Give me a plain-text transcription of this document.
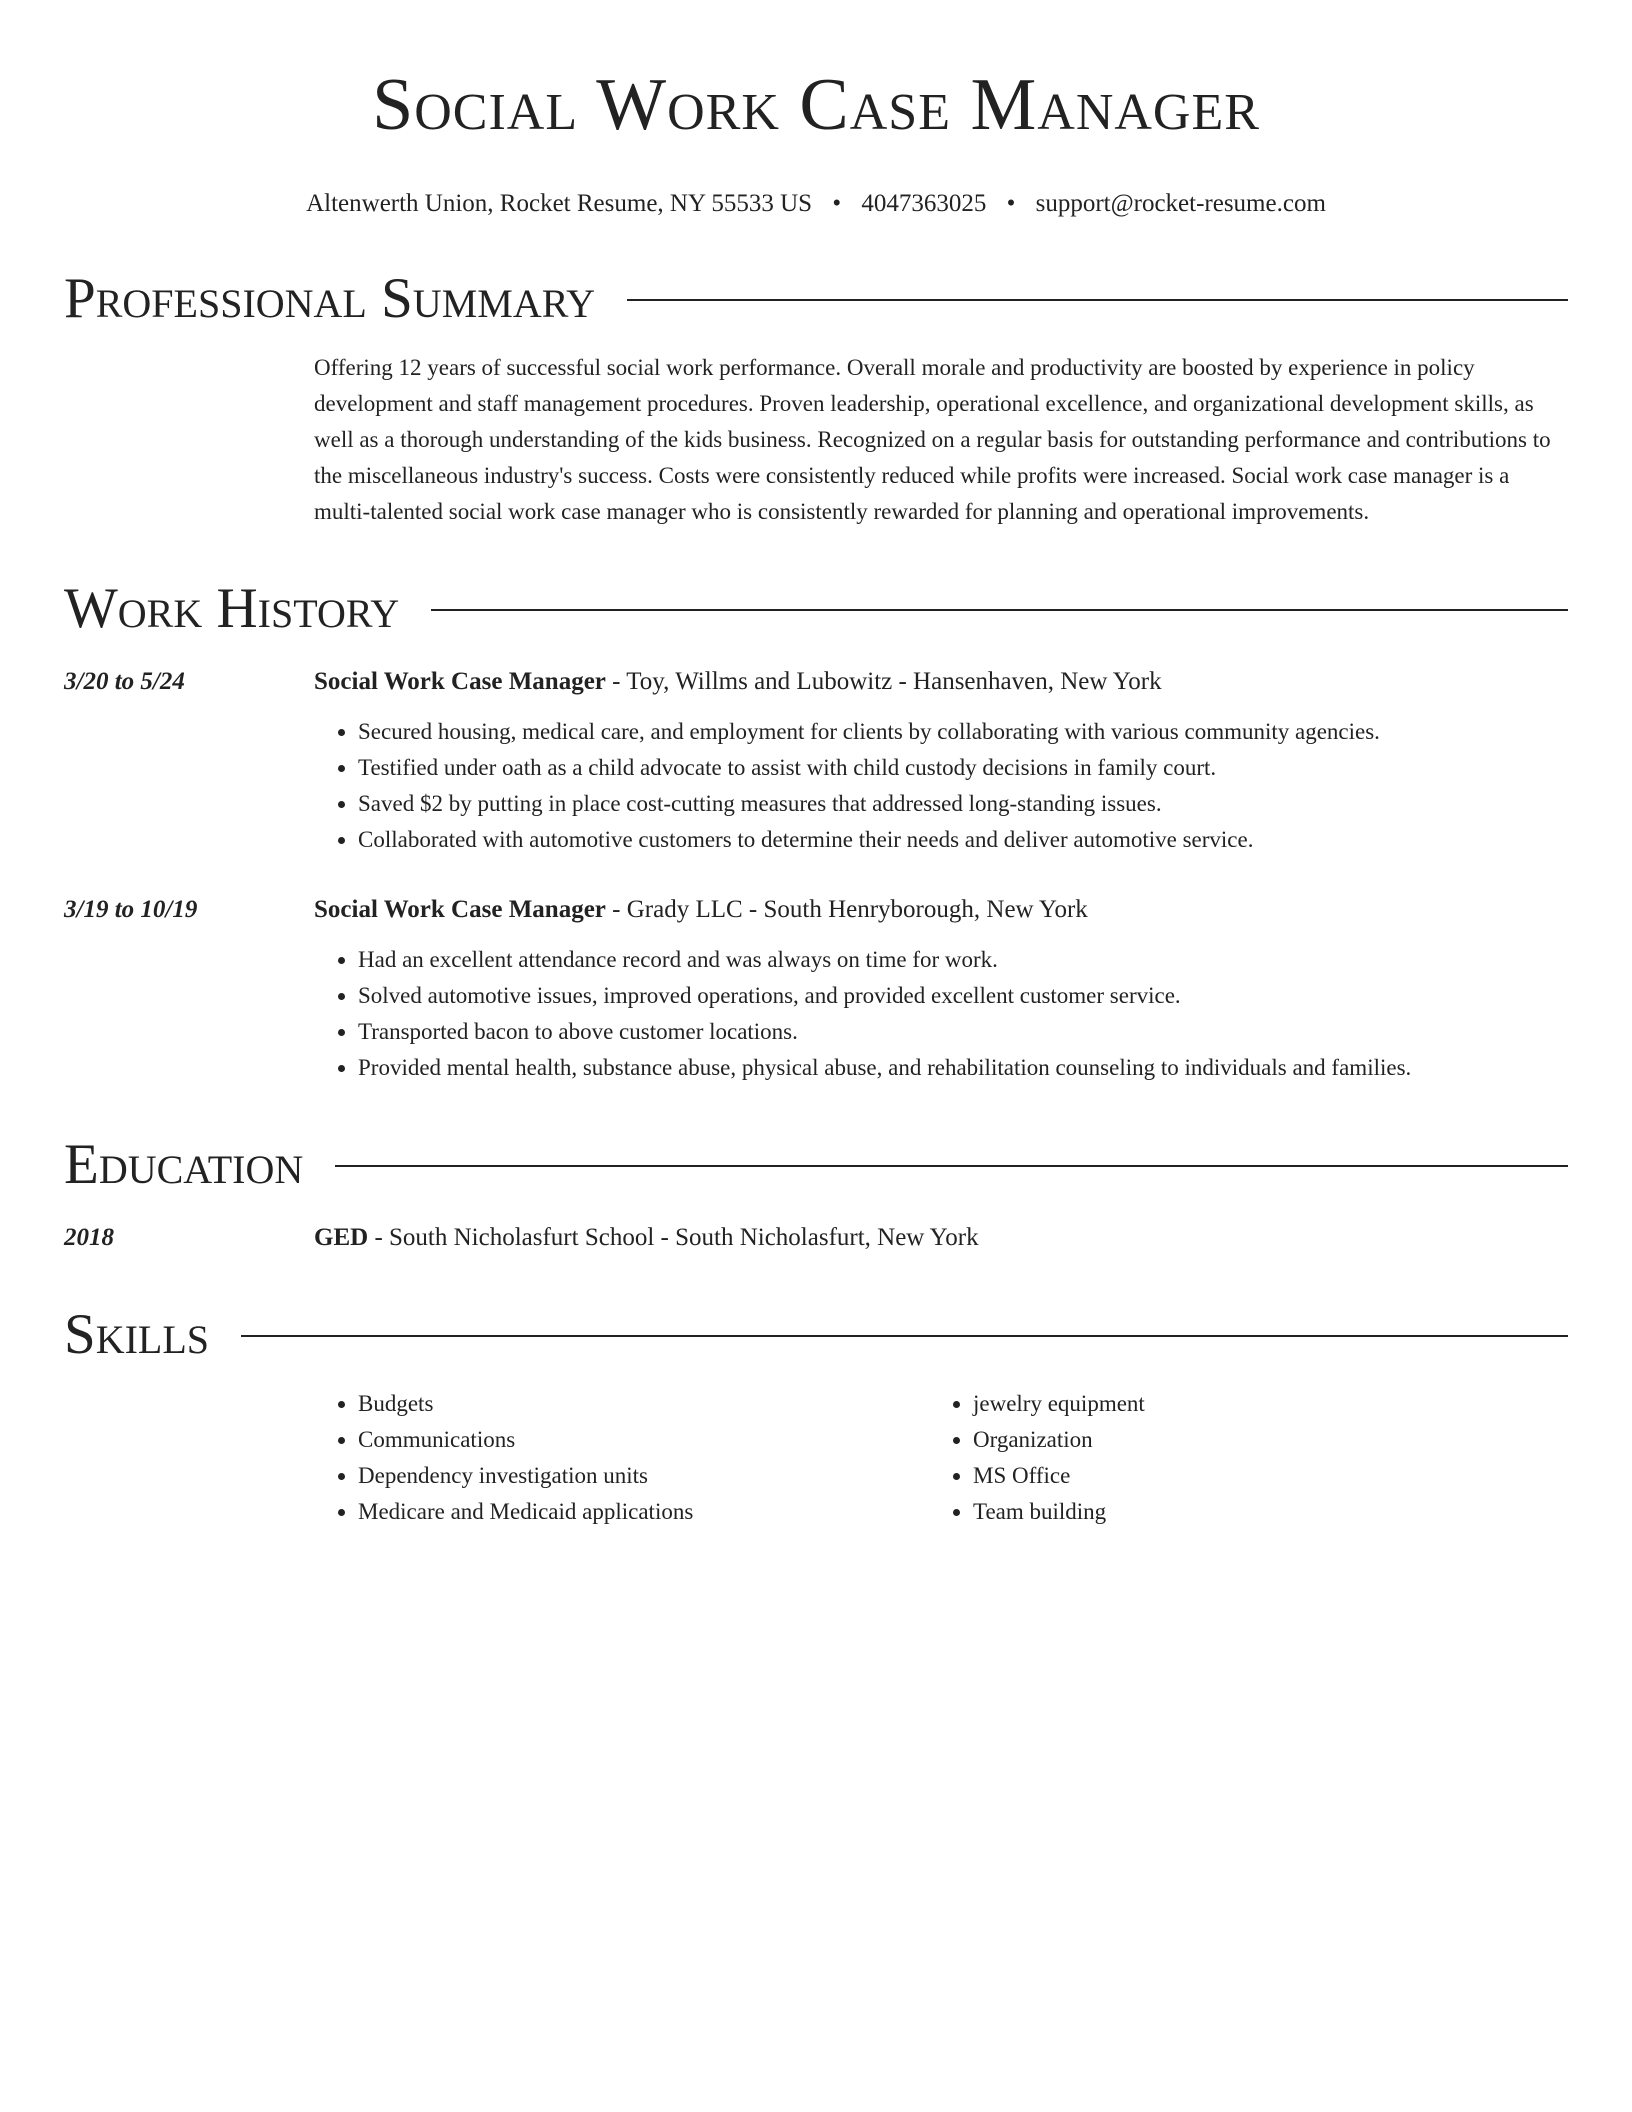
Social Work Case Manager
Altenwerth Union, Rocket Resume, NY 55533 US • 4047363025 • support@rocket-resume.com
Professional Summary
Offering 12 years of successful social work performance. Overall morale and productivity are boosted by experience in policy development and staff management procedures. Proven leadership, operational excellence, and organizational development skills, as well as a thorough understanding of the kids business. Recognized on a regular basis for outstanding performance and contributions to the miscellaneous industry's success. Costs were consistently reduced while profits were increased. Social work case manager is a multi-talented social work case manager who is consistently rewarded for planning and operational improvements.
Work History
3/20 to 5/24	Social Work Case Manager - Toy, Willms and Lubowitz - Hansenhaven, New York
• Secured housing, medical care, and employment for clients by collaborating with various community agencies.
• Testified under oath as a child advocate to assist with child custody decisions in family court.
• Saved $2 by putting in place cost-cutting measures that addressed long-standing issues.
• Collaborated with automotive customers to determine their needs and deliver automotive service.
3/19 to 10/19	Social Work Case Manager - Grady LLC - South Henryborough, New York
• Had an excellent attendance record and was always on time for work.
• Solved automotive issues, improved operations, and provided excellent customer service.
• Transported bacon to above customer locations.
• Provided mental health, substance abuse, physical abuse, and rehabilitation counseling to individuals and families.
Education
2018	GED - South Nicholasfurt School - South Nicholasfurt, New York
Skills
• Budgets
• Communications
• Dependency investigation units
• Medicare and Medicaid applications
• jewelry equipment
• Organization
• MS Office
• Team building
